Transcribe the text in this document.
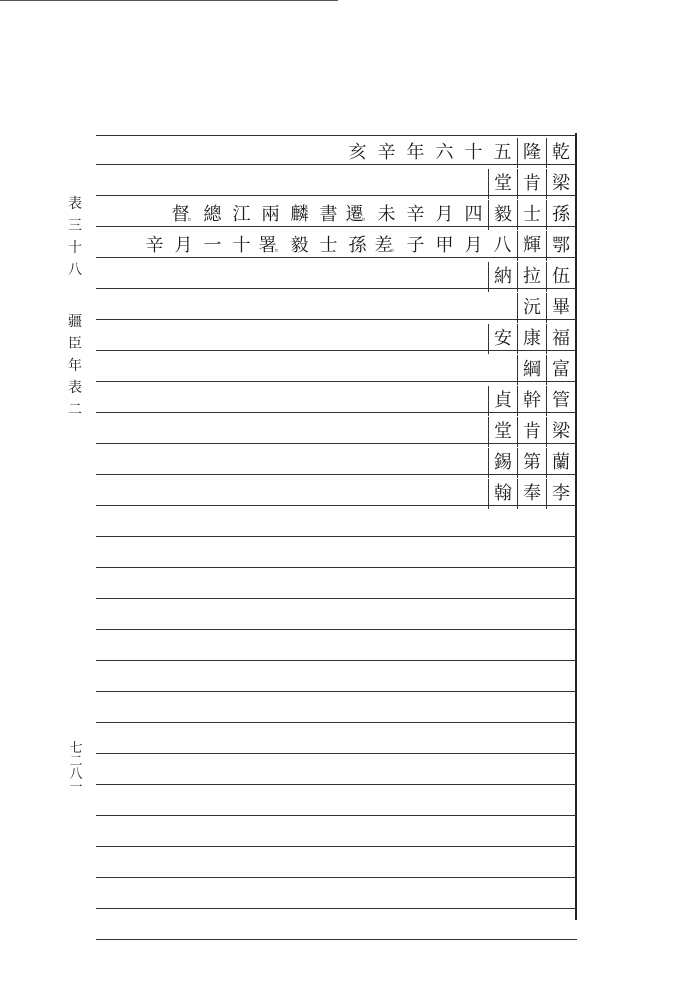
表
三
十
八
疆
臣
年
表
二
七
二
八
一
乾
隆
五
十
六
年
辛
亥
梁
肯
堂
孫
士
毅
四
月
辛
未
遷。
書
麟
兩
江
總
督。
鄂
輝
八
月
甲
子
差。
孫
士
毅
署。
十
一
月
辛
伍
拉
納
畢
沅
福
康
安
富
綱
管
幹
貞
梁
肯
堂
蘭
第
錫
李
奉
翰
